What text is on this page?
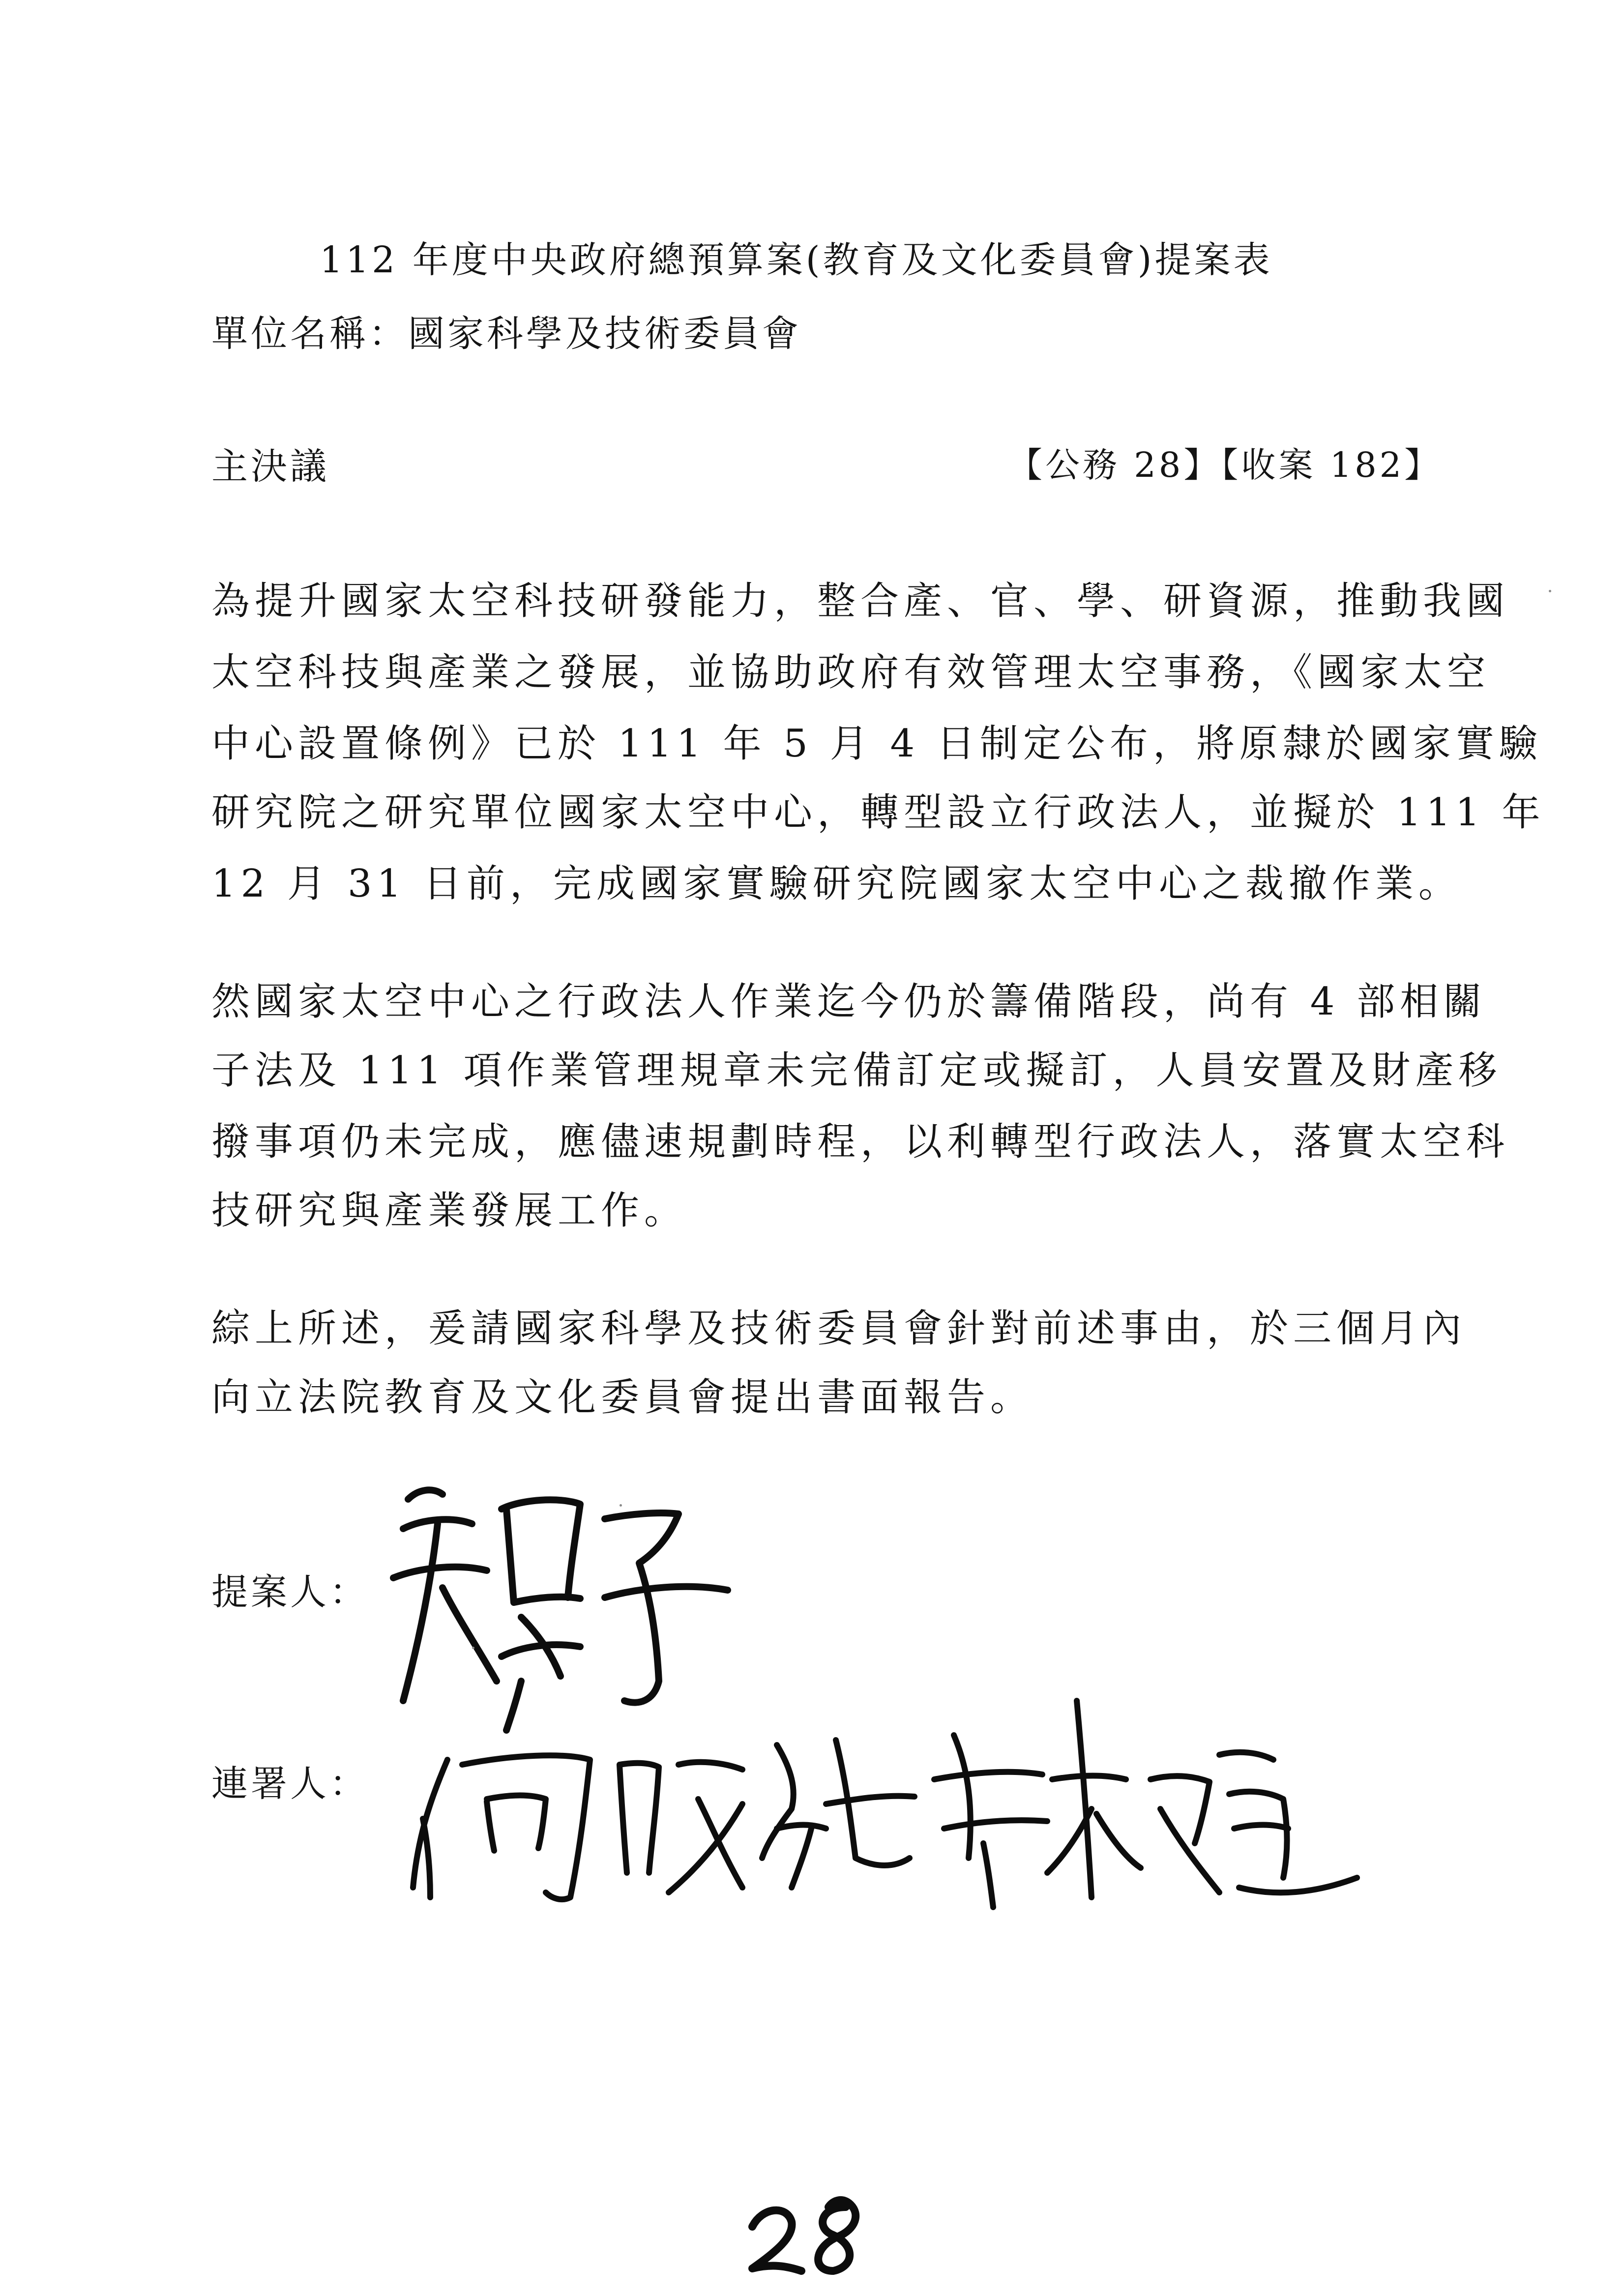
112 年度中央政府總預算案(教育及文化委員會)提案表
單位名稱：國家科學及技術委員會
主決議	【公務 28】【收案 182】
為提升國家太空科技研發能力，整合產、官、學、研資源，推動我國
太空科技與產業之發展，並協助政府有效管理太空事務，《國家太空
中心設置條例》已於 111 年 5 月 4 日制定公布，將原隸於國家實驗
研究院之研究單位國家太空中心，轉型設立行政法人，並擬於 111 年
12 月 31 日前，完成國家實驗研究院國家太空中心之裁撤作業。
然國家太空中心之行政法人作業迄今仍於籌備階段，尚有 4 部相關
子法及 111 項作業管理規章未完備訂定或擬訂，人員安置及財產移
撥事項仍未完成，應儘速規劃時程，以利轉型行政法人，落實太空科
技研究與產業發展工作。
綜上所述，爰請國家科學及技術委員會針對前述事由，於三個月內
向立法院教育及文化委員會提出書面報告。
提案人：
連署人：
